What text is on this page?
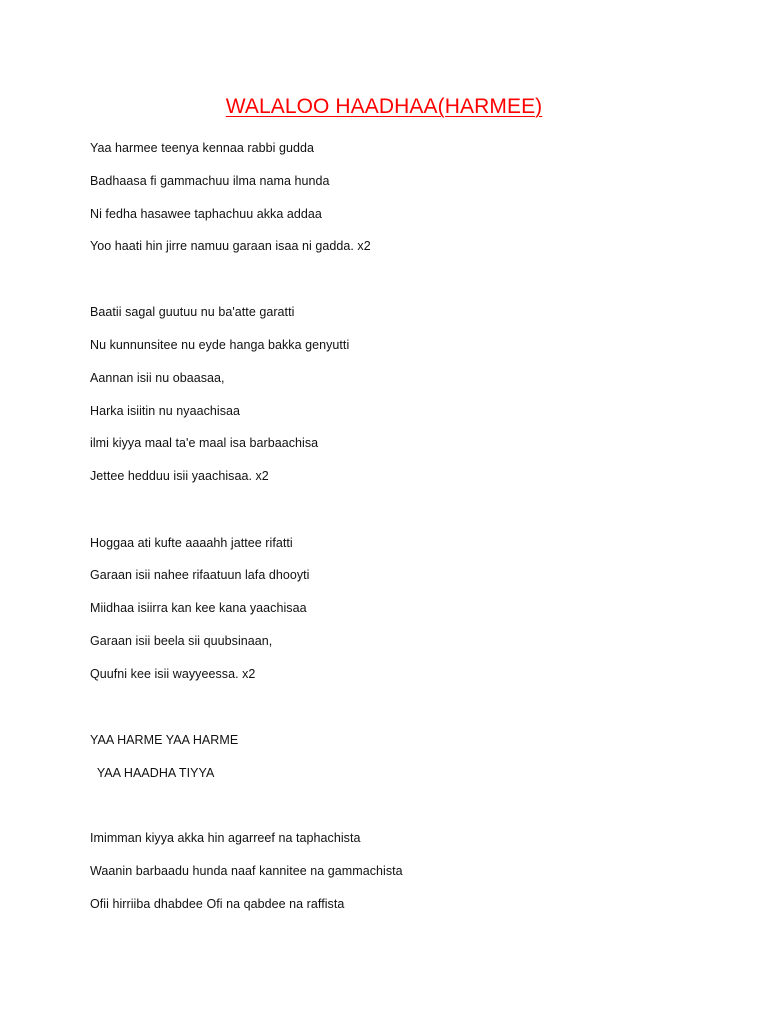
WALALOO HAADHAA(HARMEE)
Yaa harmee teenya kennaa rabbi gudda
Badhaasa fi gammachuu ilma nama hunda
Ni fedha hasawee taphachuu akka addaa
Yoo haati hin jirre namuu garaan isaa ni gadda. x2
Baatii sagal guutuu nu ba'atte garatti
Nu kunnunsitee nu eyde hanga bakka genyutti
Aannan isii nu obaasaa,
Harka isiitin nu nyaachisaa
ilmi kiyya maal ta'e maal isa barbaachisa
Jettee hedduu isii yaachisaa. x2
Hoggaa ati kufte aaaahh jattee rifatti
Garaan isii nahee rifaatuun lafa dhooyti
Miidhaa isiirra kan kee kana yaachisaa
Garaan isii beela sii quubsinaan,
Quufni kee isii wayyeessa. x2
YAA HARME YAA HARME
YAA HAADHA TIYYA
Imimman kiyya akka hin agarreef na taphachista
Waanin barbaadu hunda naaf kannitee na gammachista
Ofii hirriiba dhabdee Ofi na qabdee na raffista
